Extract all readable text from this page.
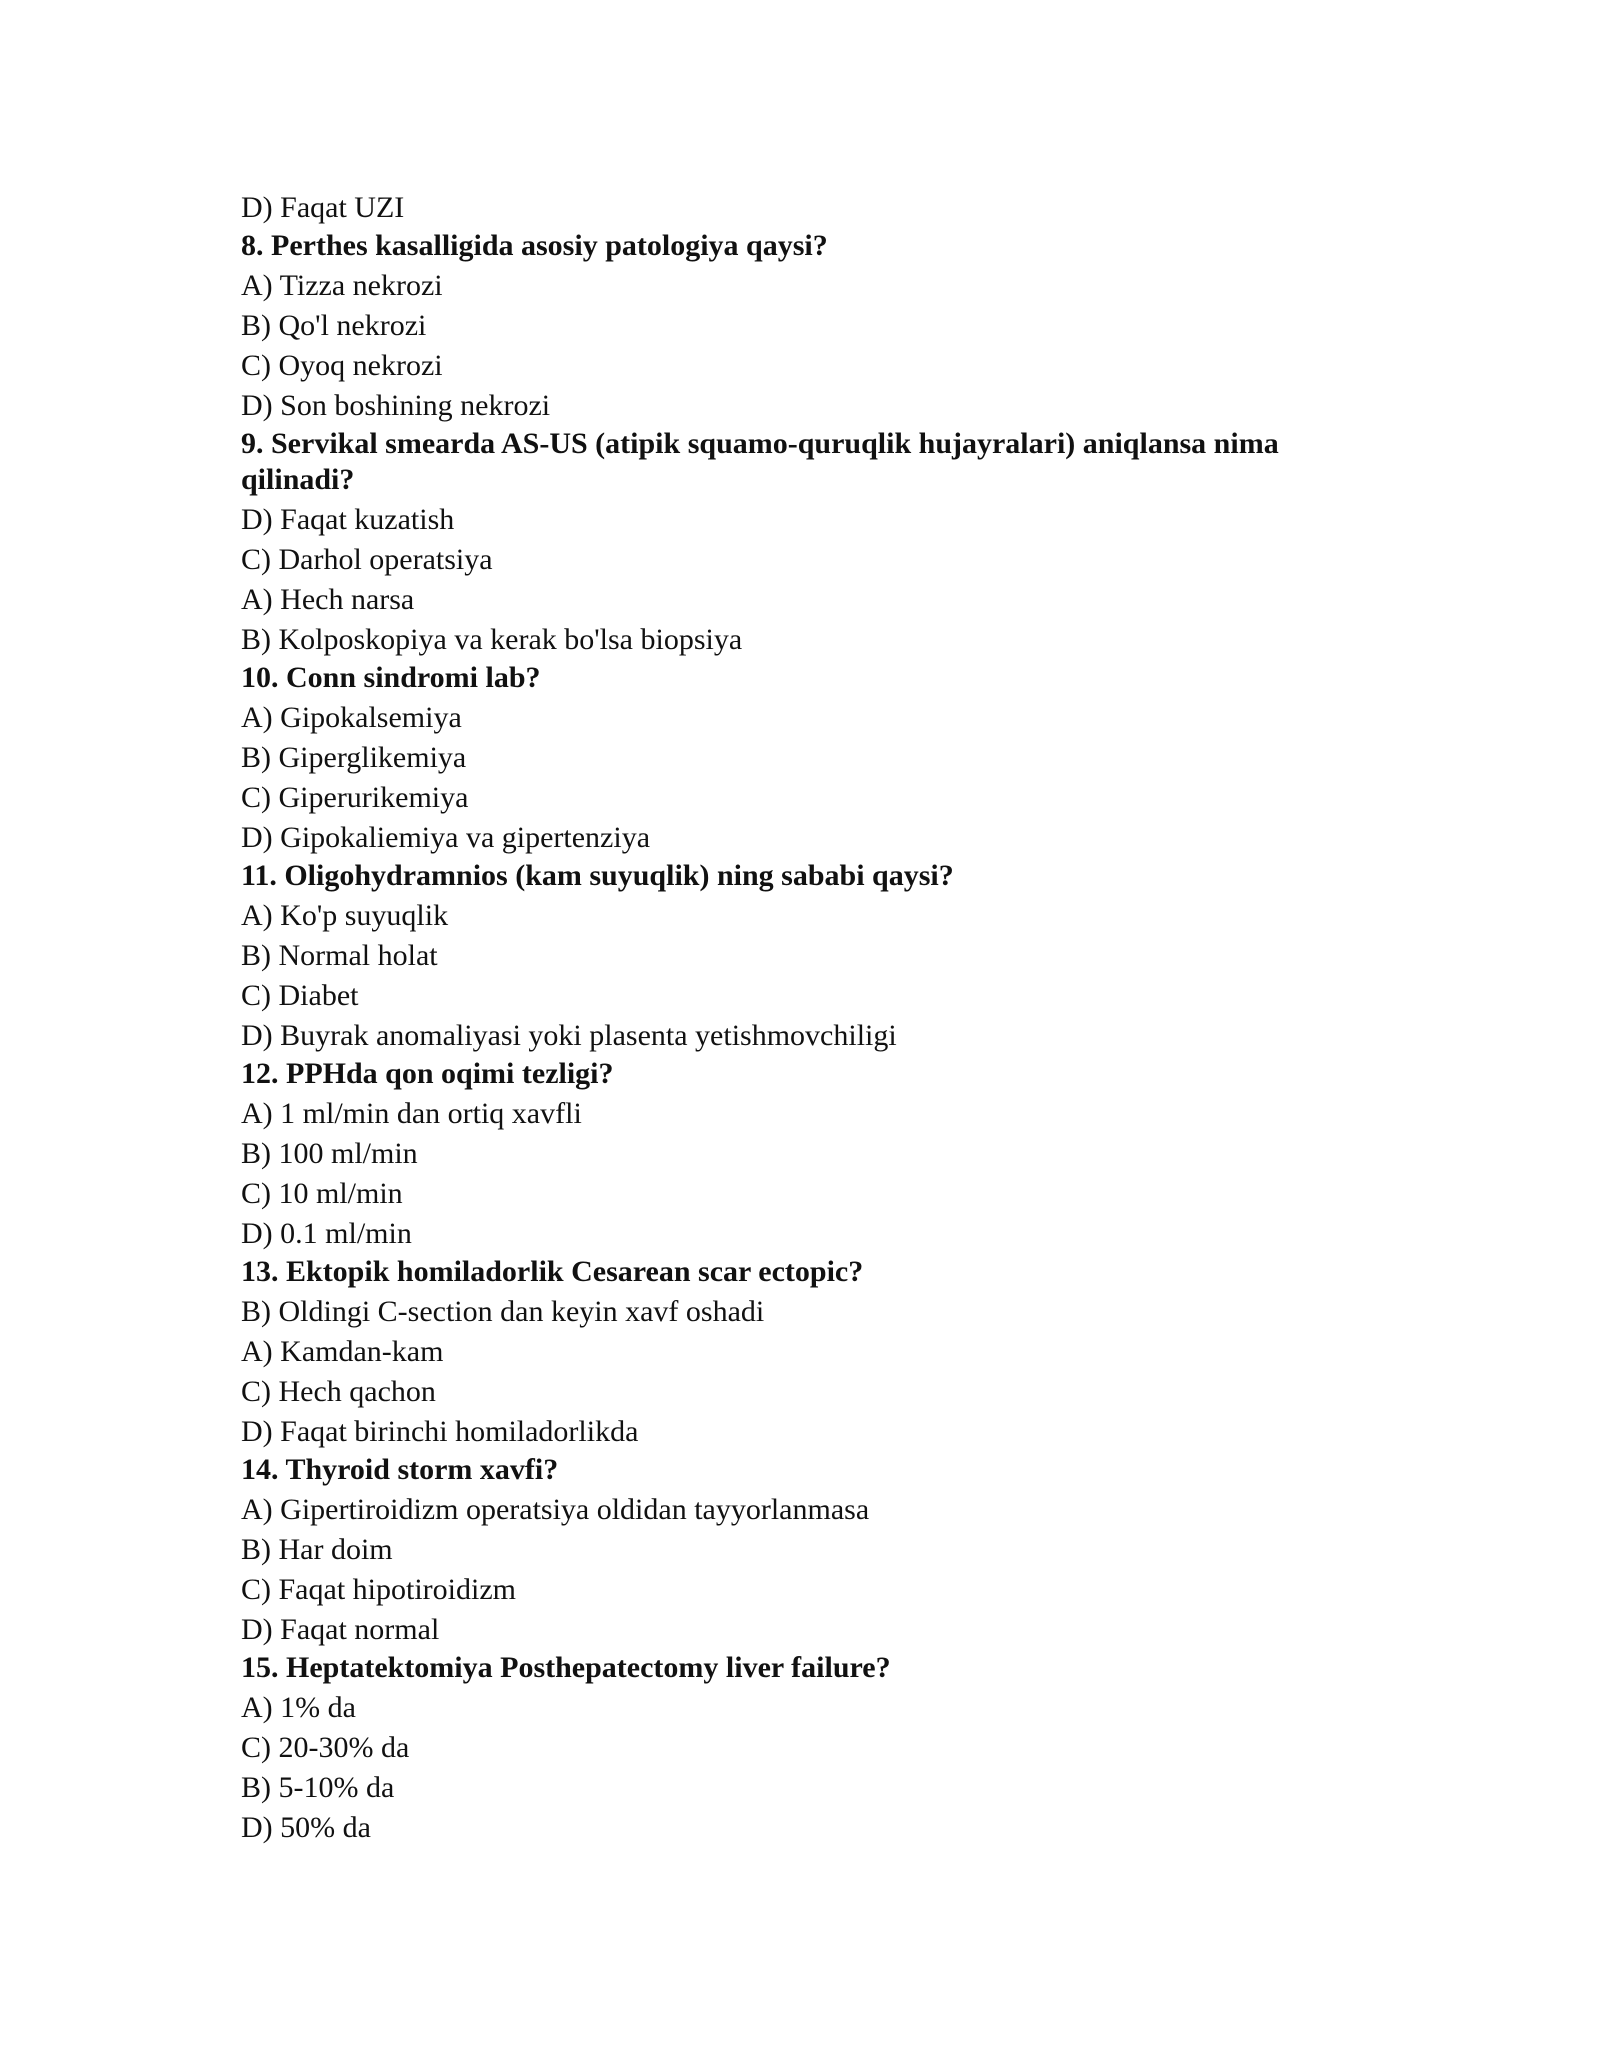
D) Faqat UZI

8. Perthes kasalligida asosiy patologiya qaysi?

A) Tizza nekrozi

B) Qo'l nekrozi

C) Oyoq nekrozi

D) Son boshining nekrozi

9. Servikal smearda AS-US (atipik squamo-quruqlik hujayralari) aniqlansa nima qilinadi?

D) Faqat kuzatish

C) Darhol operatsiya

A) Hech narsa

B) Kolposkopiya va kerak bo'lsa biopsiya

10. Conn sindromi lab?

A) Gipokalsemiya

B) Giperglikemiya

C) Giperurikemiya

D) Gipokaliemiya va gipertenziya

11. Oligohydramnios (kam suyuqlik) ning sababi qaysi?

A) Ko'p suyuqlik

B) Normal holat

C) Diabet

D) Buyrak anomaliyasi yoki plasenta yetishmovchiligi

12. PPHda qon oqimi tezligi?

A) 1 ml/min dan ortiq xavfli

B) 100 ml/min

C) 10 ml/min

D) 0.1 ml/min

13. Ektopik homiladorlik Cesarean scar ectopic?

B) Oldingi C-section dan keyin xavf oshadi

A) Kamdan-kam

C) Hech qachon

D) Faqat birinchi homiladorlikda

14. Thyroid storm xavfi?

A) Gipertiroidizm operatsiya oldidan tayyorlanmasa

B) Har doim

C) Faqat hipotiroidizm

D) Faqat normal

15. Heptatektomiya Posthepatectomy liver failure?

A) 1% da

C) 20-30% da

B) 5-10% da

D) 50% da
